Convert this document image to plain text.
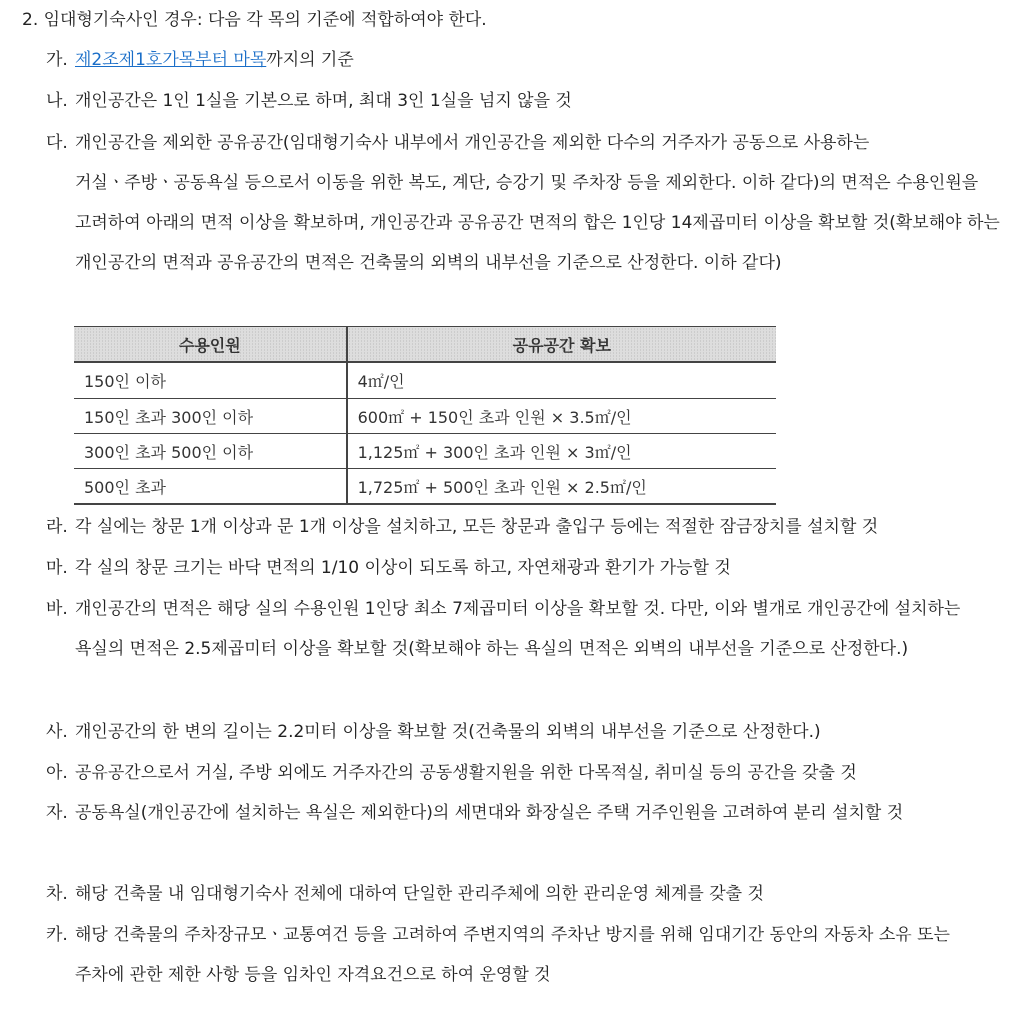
2. 임대형기숙사인 경우: 다음 각 목의 기준에 적합하여야 한다.
가. 제2조제1호가목부터 마목까지의 기준
나. 개인공간은 1인 1실을 기본으로 하며, 최대 3인 1실을 넘지 않을 것
다. 개인공간을 제외한 공유공간(임대형기숙사 내부에서 개인공간을 제외한 다수의 거주자가 공동으로 사용하는 거실ㆍ주방ㆍ공동욕실 등으로서 이동을 위한 복도, 계단, 승강기 및 주차장 등을 제외한다. 이하 같다)의 면적은 수용인원을 고려하여 아래의 면적 이상을 확보하며, 개인공간과 공유공간 면적의 합은 1인당 14제곱미터 이상을 확보할 것(확보해야 하는 개인공간의 면적과 공유공간의 면적은 건축물의 외벽의 내부선을 기준으로 산정한다. 이하 같다)
수용인원	공유공간 확보
150인 이하	4㎡/인
150인 초과 300인 이하	600㎡ + 150인 초과 인원 × 3.5㎡/인
300인 초과 500인 이하	1,125㎡ + 300인 초과 인원 × 3㎡/인
500인 초과	1,725㎡ + 500인 초과 인원 × 2.5㎡/인
라. 각 실에는 창문 1개 이상과 문 1개 이상을 설치하고, 모든 창문과 출입구 등에는 적절한 잠금장치를 설치할 것
마. 각 실의 창문 크기는 바닥 면적의 1/10 이상이 되도록 하고, 자연채광과 환기가 가능할 것
바. 개인공간의 면적은 해당 실의 수용인원 1인당 최소 7제곱미터 이상을 확보할 것. 다만, 이와 별개로 개인공간에 설치하는 욕실의 면적은 2.5제곱미터 이상을 확보할 것(확보해야 하는 욕실의 면적은 외벽의 내부선을 기준으로 산정한다.)
사. 개인공간의 한 변의 길이는 2.2미터 이상을 확보할 것(건축물의 외벽의 내부선을 기준으로 산정한다.)
아. 공유공간으로서 거실, 주방 외에도 거주자간의 공동생활지원을 위한 다목적실, 취미실 등의 공간을 갖출 것
자. 공동욕실(개인공간에 설치하는 욕실은 제외한다)의 세면대와 화장실은 주택 거주인원을 고려하여 분리 설치할 것
차. 해당 건축물 내 임대형기숙사 전체에 대하여 단일한 관리주체에 의한 관리운영 체계를 갖출 것
카. 해당 건축물의 주차장규모ㆍ교통여건 등을 고려하여 주변지역의 주차난 방지를 위해 임대기간 동안의 자동차 소유 또는 주차에 관한 제한 사항 등을 임차인 자격요건으로 하여 운영할 것
